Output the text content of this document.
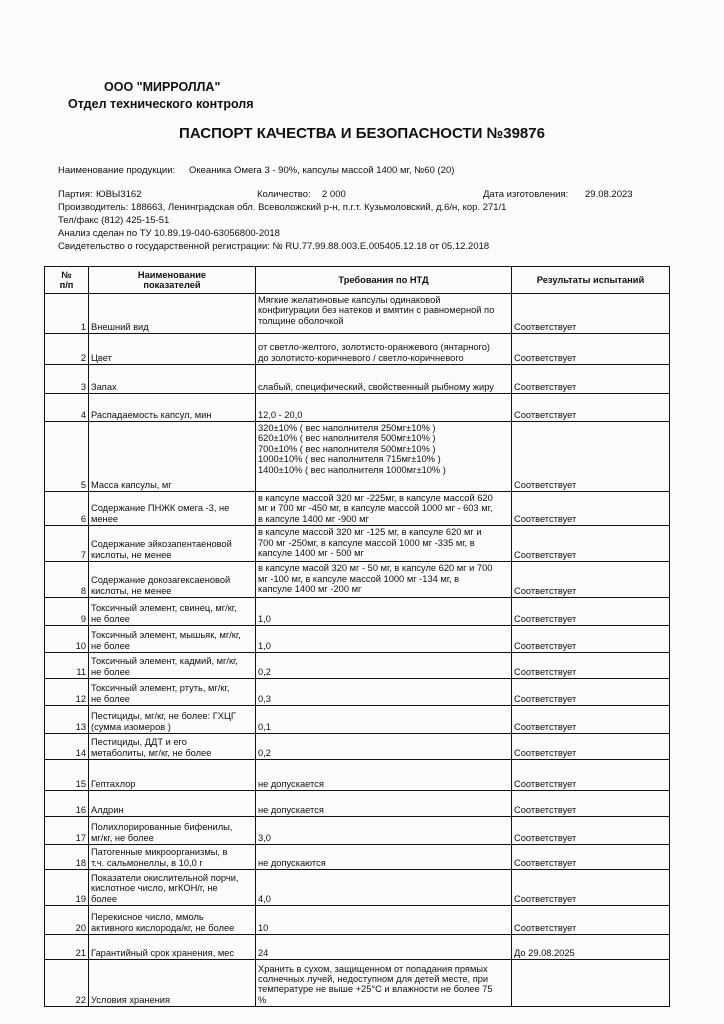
ООО "МИРРОЛЛА"
Отдел технического контроля
ПАСПОРТ КАЧЕСТВА И БЕЗОПАСНОСТИ №39876
Наименование продукции: Океаника Омега 3 - 90%, капсулы массой 1400 мг, №60 (20)
Партия: ЮВЫ3162	Количество: 2 000	Дата изготовления: 29.08.2023
Производитель: 188663, Ленинградская обл. Всеволожский р-н, п.г.т. Кузьмоловский, д.6/н, кор. 271/1
Тел/факс (812) 425-15-51
Анализ сделан по ТУ 10.89.19-040-63056800-2018
Свидетельство о государственной регистрации: № RU.77.99.88.003.E.005405.12.18 от 05.12.2018
№
п/п	Наименование
показателей	Требования по НТД	Результаты испытаний
1	Внешний вид	Мягкие желатиновые капсулы одинаковой
конфигурации без натеков и вмятин с равномерной по
толщине оболочкой	Соответствует
2	Цвет	от светло-желтого, золотисто-оранжевого (янтарного)
до золотисто-коричневого / светло-коричневого	Соответствует
3	Запах	слабый, специфический, свойственный рыбному жиру	Соответствует
4	Распадаемость капсул, мин	12,0 - 20,0	Соответствует
5	Масса капсулы, мг	320±10% ( вес наполнителя 250мг±10% )
620±10% ( вес наполнителя 500мг±10% )
700±10% ( вес наполнителя 500мг±10% )
1000±10% ( вес наполнителя 715мг±10% )
1400±10% ( вес наполнителя 1000мг±10% )	Соответствует
6	Содержание ПНЖК омега -3, не
менее	в капсуле массой 320 мг -225мг, в капсуле массой 620
мг и 700 мг -450 мг, в капсуле массой 1000 мг - 603 мг,
в капсуле 1400 мг -900 мг	Соответствует
7	Содержание эйкозапентаеновой
кислоты, не менее	в капсуле массой 320 мг -125 мг, в капсуле 620 мг и
700 мг -250мг, в капсуле массой 1000 мг -335 мг, в
капсуле 1400 мг - 500 мг	Соответствует
8	Содержание докозагексаеновой
кислоты, не менее	в капсуле масой 320 мг - 50 мг, в капсуле 620 мг и 700
мг -100 мг, в капсуле массой 1000 мг -134 мг, в
капсуле 1400 мг -200 мг	Соответствует
9	Токсичный элемент, свинец, мг/кг,
не более	1,0	Соответствует
10	Токсичный элемент, мышьяк, мг/кг,
не более	1,0	Соответствует
11	Токсичный элемент, кадмий, мг/кг,
не более	0,2	Соответствует
12	Токсичный элемент, ртуть, мг/кг,
не более	0,3	Соответствует
13	Пестициды, мг/кг, не более: ГХЦГ
(сумма изомеров )	0,1	Соответствует
14	Пестициды, ДДТ и его
метаболиты, мг/кг, не более	0,2	Соответствует
15	Гептахлор	не допускается	Соответствует
16	Алдрин	не допускается	Соответствует
17	Полихлорированные бифенилы,
мг/кг, не более	3,0	Соответствует
18	Патогенные микроорганизмы, в
т.ч. сальмонеллы, в 10,0 г	не допускаются	Соответствует
19	Показатели окислительной порчи,
кислотное число, мгКОН/г, не
более	4,0	Соответствует
20	Перекисное число, ммоль
активного кислорода/кг, не более	10	Соответствует
21	Гарантийный срок хранения, мес	24	До 29.08.2025
22	Условия хранения	Хранить в сухом, защищенном от попадания прямых
солнечных лучей, недоступном для детей месте, при
температуре не выше +25°С и влажности не более 75
%	
